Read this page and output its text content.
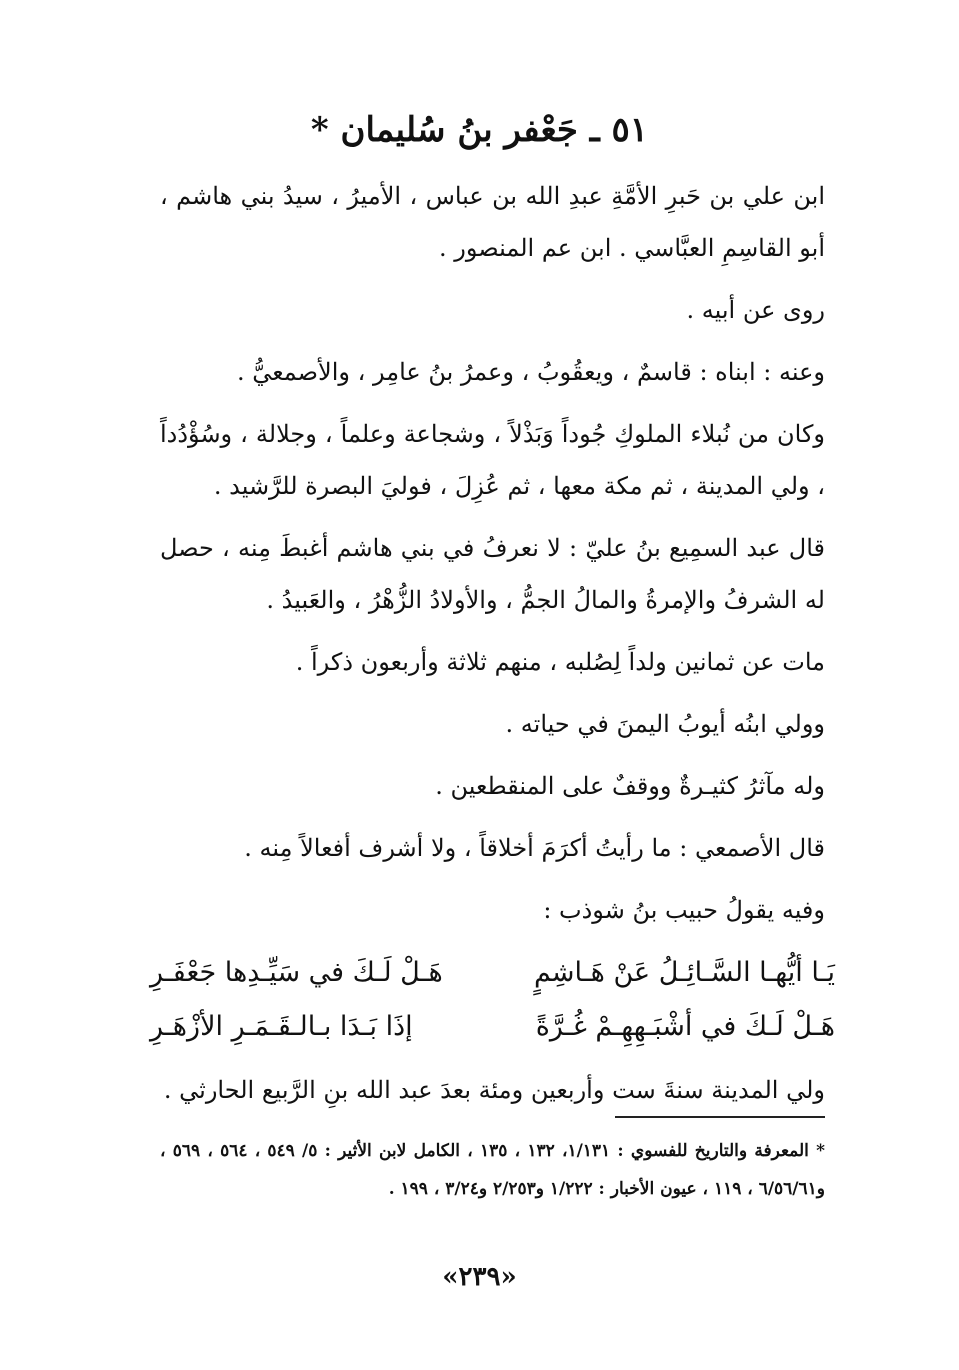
٥١ ـ جَعْفر بنُ سُليمان *

ابن علي بن حَبرِ الأمَّةِ عبدِ الله بن عباس ، الأميرُ ، سيدُ بني هاشم ، أبو القاسِمِ العبَّاسي . ابن عم المنصور .

روى عن أبيه .

وعنه : ابناه : قاسمٌ ، ويعقُوبُ ، وعمرُ بنُ عامِر ، والأصمعيُّ .

وكان من نُبلاء الملوكِ جُوداً وَبَذْلاً ، وشجاعة وعلماً ، وجلالة ، وسُؤْدُداً ، ولي المدينة ، ثم مكة معها ، ثم عُزِلَ ، فوليَ البصرة للرَّشيد .

قال عبد السمِيع بنُ عليّ : لا نعرفُ في بني هاشم أغبطَ مِنه ، حصل له الشرفُ والإمرةُ والمالُ الجمُّ ، والأولادُ الزُّهْرُ ، والعَبيدُ .

مات عن ثمانين ولداً لِصُلبه ، منهم ثلاثة وأربعون ذكراً .

وولي ابنُه أيوبُ اليمنَ في حياته .

وله مآثرُ كثيـرةٌ ووقفٌ على المنقطعين .

قال الأصمعي : ما رأيتُ أكرَمَ أخلاقاً ، ولا أشرف أفعالاً مِنه .

وفيه يقولُ حبيب بنُ شوذب :

يَـا أيُّهـا السَّـائِـلُ عَنْ هَـاشِمٍ
هَـلْ لَـكَ في سَيِّـدِها جَعْفَـرِ
هَـلْ لَـكَ في أشْبَـهِهِـمْ غُـرَّةً
إذَا بَـدَا بـالـقَـمَـرِ الأزْهَـرِ

ولي المدينة سنةَ ست وأربعين ومئة بعدَ عبد الله بنِ الرَّبيع الحارثي .

* المعرفة والتاريخ للفسوي : ١/١٣١، ١٣٢ ، ١٣٥ ، الكامل لابن الأثير : ٥/ ٥٤٩ ، ٥٦٤ ، ٥٦٩ ، و٦/٥٦/٦١ ، ١١٩ ، عيون الأخبار : ١/٢٢٢ و٢/٢٥٣ و٣/٢٤ ، ١٩٩ .
«٢٣٩»
